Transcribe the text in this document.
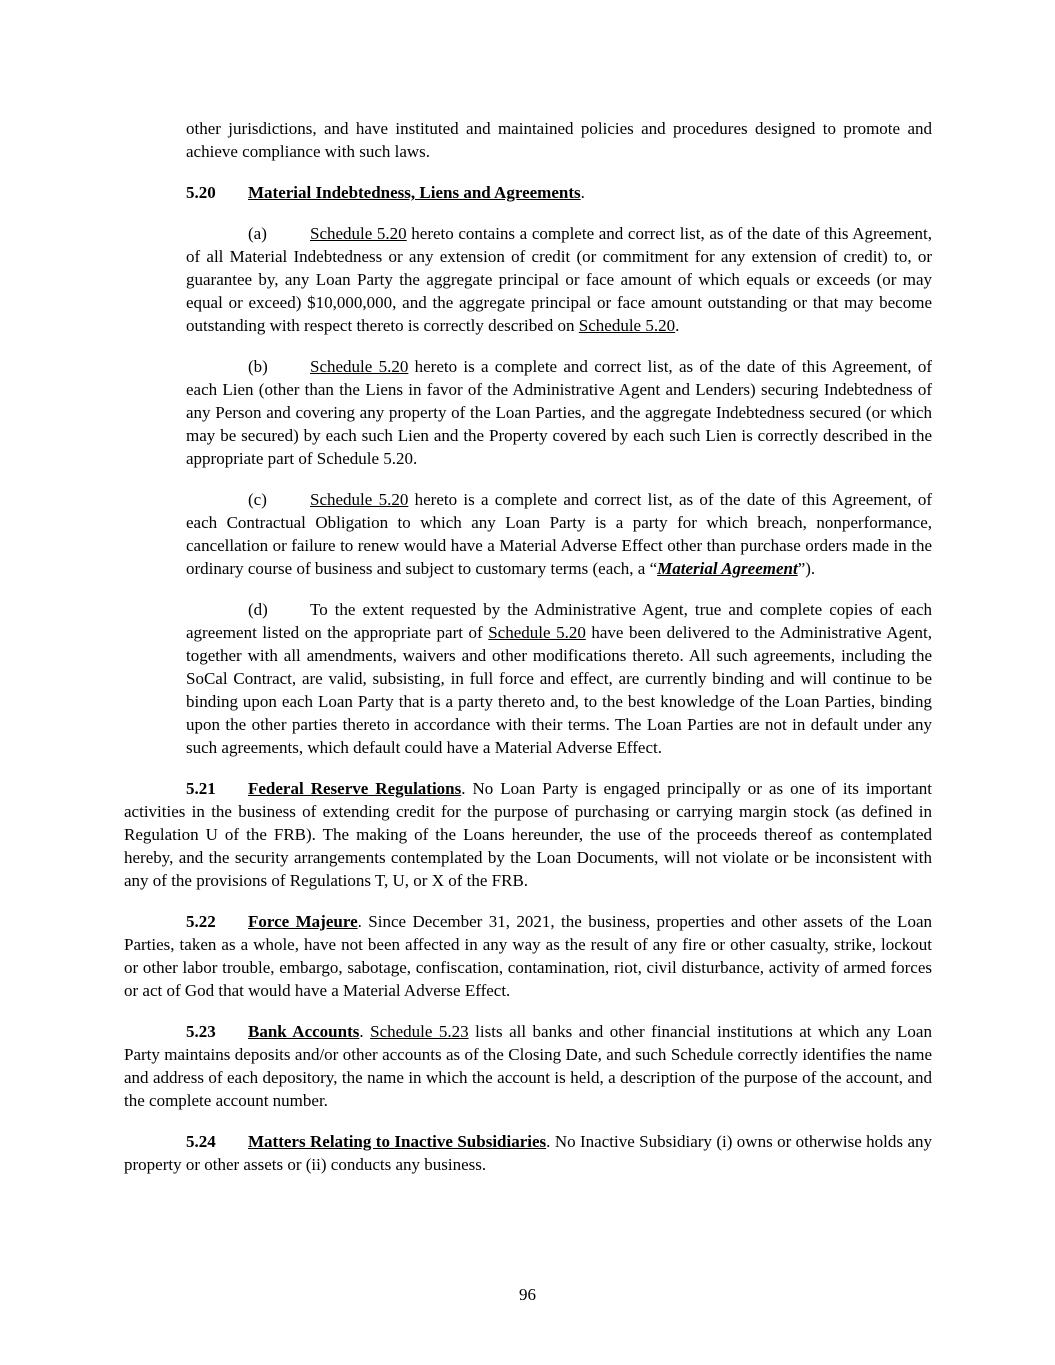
other jurisdictions, and have instituted and maintained policies and procedures designed to promote and achieve compliance with such laws.

5.20 Material Indebtedness, Liens and Agreements.

(a)	Schedule 5.20 hereto contains a complete and correct list, as of the date of this Agreement, of all Material Indebtedness or any extension of credit (or commitment for any extension of credit) to, or guarantee by, any Loan Party the aggregate principal or face amount of which equals or exceeds (or may equal or exceed) $10,000,000, and the aggregate principal or face amount outstanding or that may become outstanding with respect thereto is correctly described on Schedule 5.20.

(b) Schedule 5.20 hereto is a complete and correct list, as of the date of this Agreement, of each Lien (other than the Liens in favor of the Administrative Agent and Lenders) securing Indebtedness of any Person and covering any property of the Loan Parties, and the aggregate Indebtedness secured (or which may be secured) by each such Lien and the Property covered by each such Lien is correctly described in the appropriate part of Schedule 5.20.

(c)	Schedule 5.20 hereto is a complete and correct list, as of the date of this Agreement, of each Contractual Obligation to which any Loan Party is a party for which breach, nonperformance, cancellation or failure to renew would have a Material Adverse Effect other than purchase orders made in the ordinary course of business and subject to customary terms (each, a “Material Agreement”).

(d) To the extent requested by the Administrative Agent, true and complete copies of each agreement listed on the appropriate part of Schedule 5.20 have been delivered to the Administrative Agent, together with all amendments, waivers and other modifications thereto. All such agreements, including the SoCal Contract, are valid, subsisting, in full force and effect, are currently binding and will continue to be binding upon each Loan Party that is a party thereto and, to the best knowledge of the Loan Parties, binding upon the other parties thereto in accordance with their terms. The Loan Parties are not in default under any such agreements, which default could have a Material Adverse Effect.

5.21 Federal Reserve Regulations. No Loan Party is engaged principally or as one of its important activities in the business of extending credit for the purpose of purchasing or carrying margin stock (as defined in Regulation U of the FRB). The making of the Loans hereunder, the use of the proceeds thereof as contemplated hereby, and the security arrangements contemplated by the Loan Documents, will not violate or be inconsistent with any of the provisions of Regulations T, U, or X of the FRB.

5.22 Force Majeure. Since December 31, 2021, the business, properties and other assets of the Loan Parties, taken as a whole, have not been affected in any way as the result of any fire or other casualty, strike, lockout or other labor trouble, embargo, sabotage, confiscation, contamination, riot, civil disturbance, activity of armed forces or act of God that would have a Material Adverse Effect.

5.23 Bank Accounts. Schedule 5.23 lists all banks and other financial institutions at which any Loan Party maintains deposits and/or other accounts as of the Closing Date, and such Schedule correctly identifies the name and address of each depository, the name in which the account is held, a description of the purpose of the account, and the complete account number.

5.24 Matters Relating to Inactive Subsidiaries. No Inactive Subsidiary (i) owns or otherwise holds any property or other assets or (ii) conducts any business.

96
